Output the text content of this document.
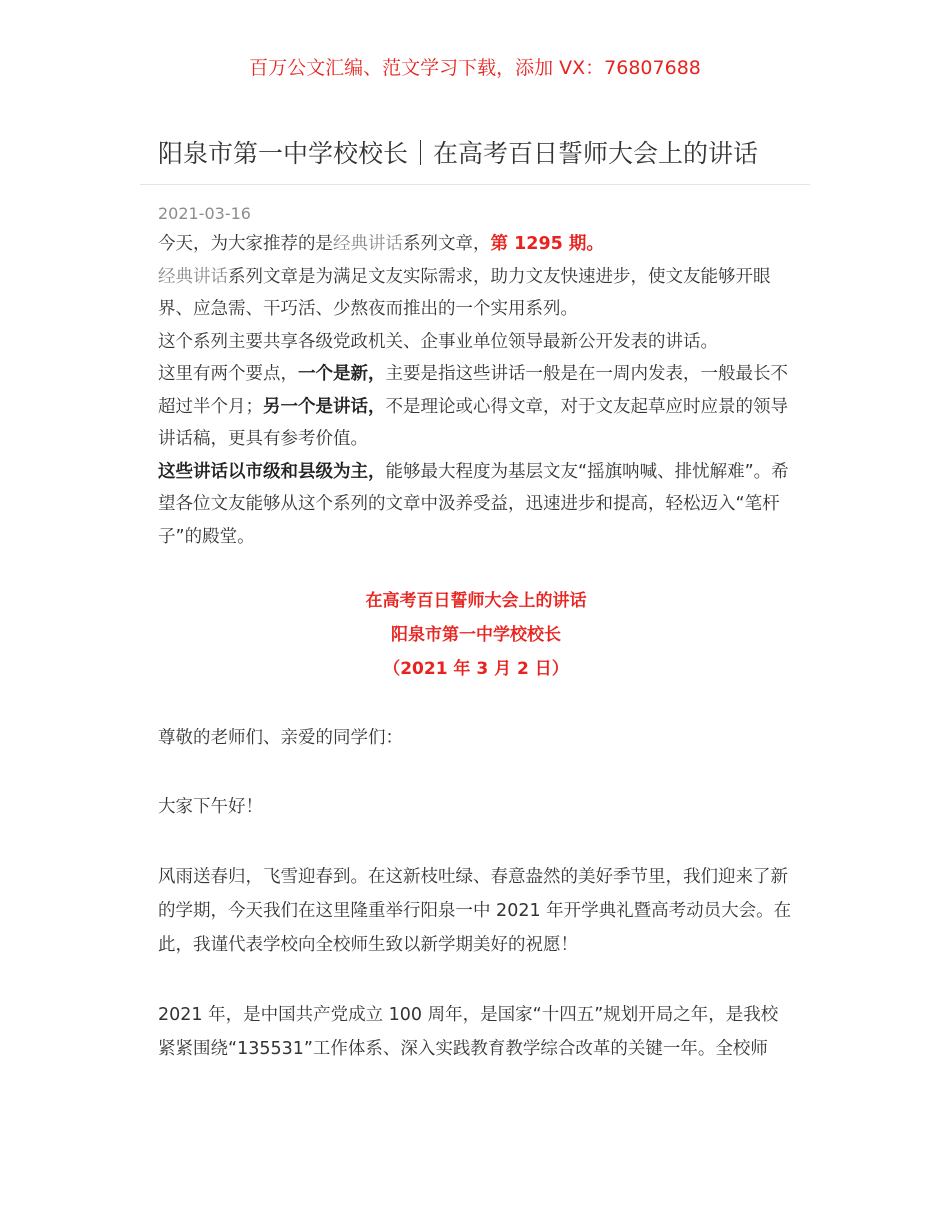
百万公文汇编、范文学习下载，添加 VX：76807688
阳泉市第一中学校校长｜在高考百日誓师大会上的讲话
2021-03-16

今天，为大家推荐的是经典讲话系列文章，第 1295 期。

经典讲话系列文章是为满足文友实际需求，助力文友快速进步，使文友能够开眼界、应急需、干巧活、少熬夜而推出的一个实用系列。

这个系列主要共享各级党政机关、企事业单位领导最新公开发表的讲话。

这里有两个要点，一个是新，主要是指这些讲话一般是在一周内发表，一般最长不超过半个月；另一个是讲话，不是理论或心得文章，对于文友起草应时应景的领导讲话稿，更具有参考价值。

这些讲话以市级和县级为主，能够最大程度为基层文友“摇旗呐喊、排忧解难”。希望各位文友能够从这个系列的文章中汲养受益，迅速进步和提高，轻松迈入“笔杆子”的殿堂。

在高考百日誓师大会上的讲话
阳泉市第一中学校校长
（2021 年 3 月 2 日）

尊敬的老师们、亲爱的同学们：

大家下午好！

风雨送春归，飞雪迎春到。在这新枝吐绿、春意盎然的美好季节里，我们迎来了新的学期，今天我们在这里隆重举行阳泉一中 2021 年开学典礼暨高考动员大会。在此，我谨代表学校向全校师生致以新学期美好的祝愿！

2021 年，是中国共产党成立 100 周年，是国家“十四五”规划开局之年，是我校紧紧围绕“135531”工作体系、深入实践教育教学综合改革的关键一年。全校师
